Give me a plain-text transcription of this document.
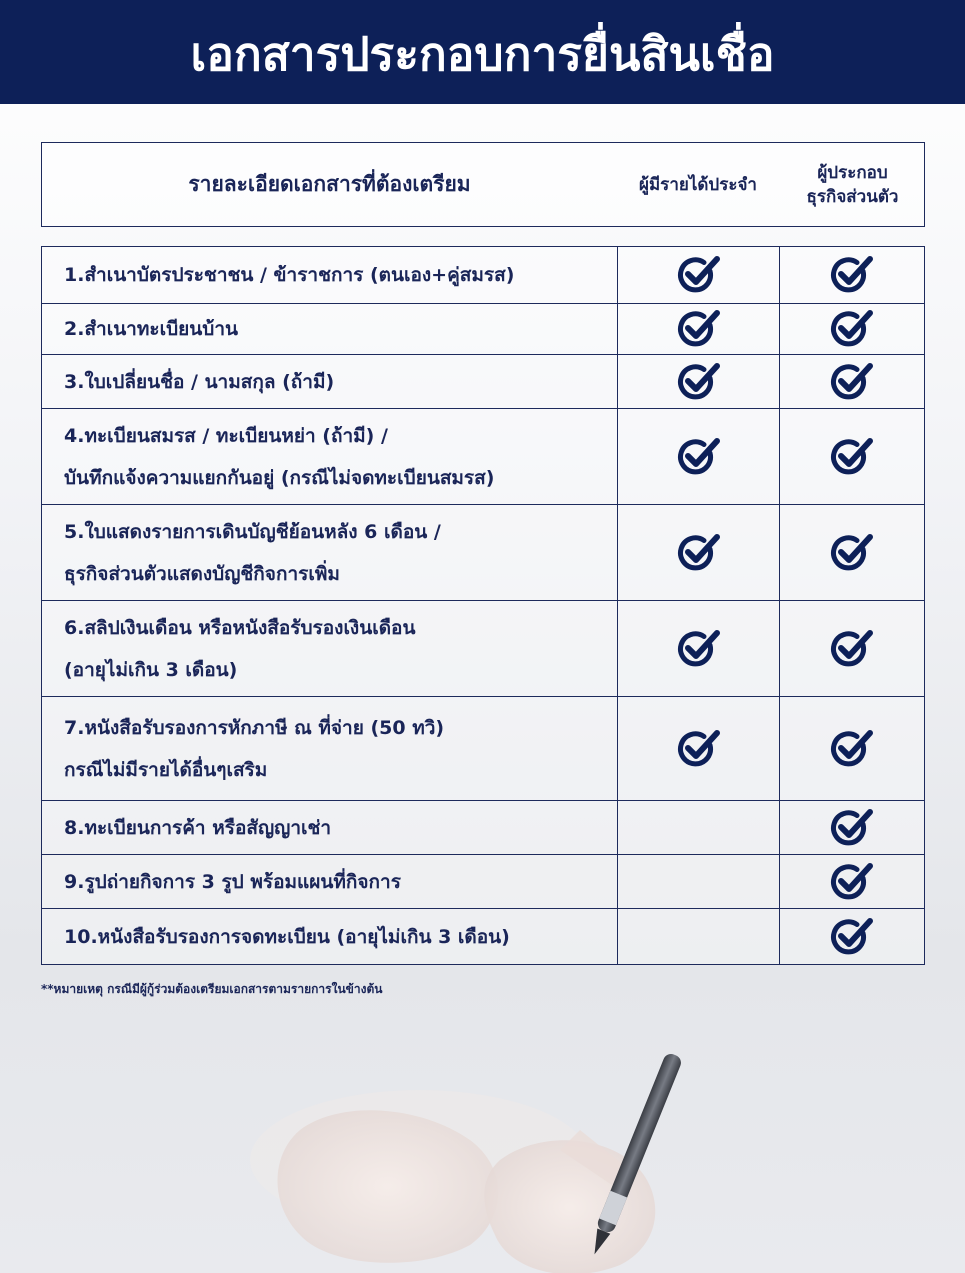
เอกสารประกอบการยื่นสินเชื่อ
รายละเอียดเอกสารที่ต้องเตรียม	ผู้มีรายได้ประจำ
ผู้ประกอบ
ธุรกิจส่วนตัว
1.สำเนาบัตรประชาชน / ข้าราชการ (ตนเอง+คู่สมรส)
2.สำเนาทะเบียนบ้าน
3.ใบเปลี่ยนชื่อ / นามสกุล (ถ้ามี)
4.ทะเบียนสมรส / ทะเบียนหย่า (ถ้ามี) /
บันทึกแจ้งความแยกกันอยู่ (กรณีไม่จดทะเบียนสมรส)
5.ใบแสดงรายการเดินบัญชีย้อนหลัง 6 เดือน /
ธุรกิจส่วนตัวแสดงบัญชีกิจการเพิ่ม
6.สลิปเงินเดือน หรือหนังสือรับรองเงินเดือน
(อายุไม่เกิน 3 เดือน)
7.หนังสือรับรองการหักภาษี ณ ที่จ่าย (50 ทวิ)
กรณีไม่มีรายได้อื่นๆเสริม
8.ทะเบียนการค้า หรือสัญญาเช่า
9.รูปถ่ายกิจการ 3 รูป พร้อมแผนที่กิจการ
10.หนังสือรับรองการจดทะเบียน (อายุไม่เกิน 3 เดือน)
**หมายเหตุ กรณีมีผู้กู้ร่วมต้องเตรียมเอกสารตามรายการในข้างต้น
